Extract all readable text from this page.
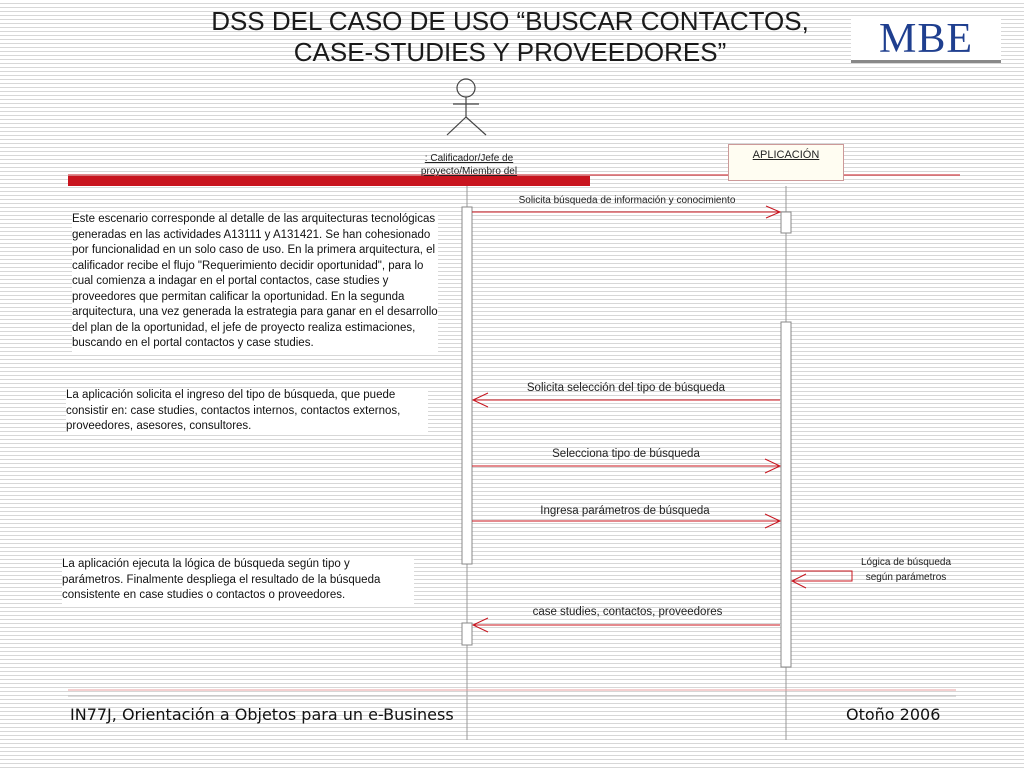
DSS DEL CASO DE USO “BUSCAR CONTACTOS,
CASE-STUDIES Y PROVEEDORES”	MBE
: Calificador/Jefe de proyecto/Miembro del
APLICACIÓN
Solicita búsqueda de información y conocimiento
Solicita selección del tipo de búsqueda
Selecciona tipo de búsqueda
Ingresa parámetros de búsqueda
Lógica de búsqueda según parámetros
case studies, contactos, proveedores
Este escenario corresponde al detalle de las arquitecturas tecnológicas generadas en las actividades A13111 y A131421. Se han cohesionado por funcionalidad en un solo caso de uso. En la primera arquitectura, el calificador recibe el flujo "Requerimiento decidir oportunidad", para lo cual comienza a indagar en el portal contactos, case studies y proveedores que permitan calificar la oportunidad. En la segunda arquitectura, una vez generada la estrategia para ganar en el desarrollo del plan de la oportunidad, el jefe de proyecto realiza estimaciones, buscando en el portal contactos y case studies.
La aplicación solicita el ingreso del tipo de búsqueda, que puede consistir en: case studies, contactos internos, contactos externos, proveedores, asesores, consultores.
La aplicación ejecuta la lógica de búsqueda según tipo y parámetros. Finalmente despliega el resultado de la búsqueda consistente en case studies o contactos o proveedores.
IN77J, Orientación a Objetos para un e-Business	Otoño 2006
